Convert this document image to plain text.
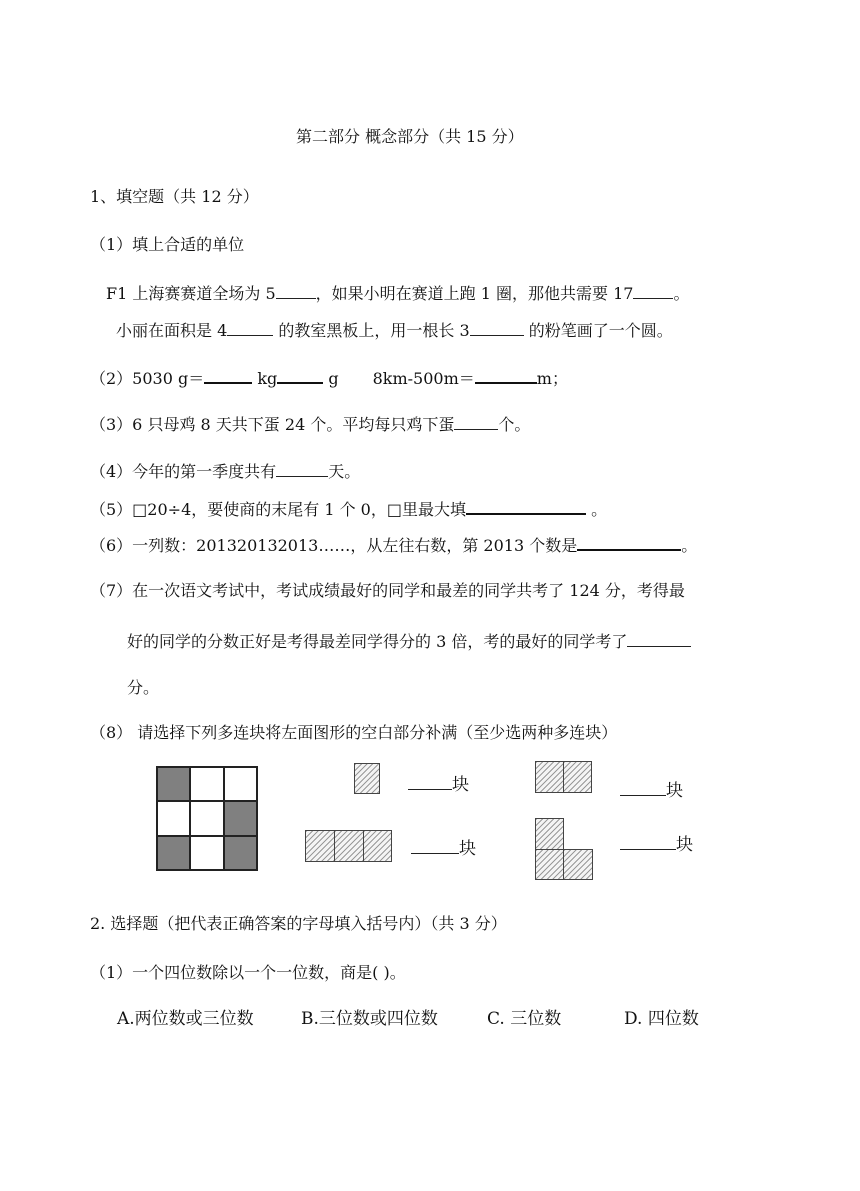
第二部分 概念部分（共 15 分）
1、填空题（共 12 分）
（1）填上合适的单位
F1 上海赛赛道全场为 5	，如果小明在赛道上跑 1 圈，那他共需要 17	。
小丽在面积是 4	的教室黑板上，用一根长 3	的粉笔画了一个圆。
（2）5030 g＝	kg	g 8km-500m＝	m；
（3）6 只母鸡 8 天共下蛋 24 个。平均每只鸡下蛋	个。
（4）今年的第一季度共有	天。
（5）□20÷4，要使商的末尾有 1 个 0，□里最大填	。
（6）一列数：201320132013……，从左往右数，第 2013 个数是	。
（7）在一次语文考试中，考试成绩最好的同学和最差的同学共考了 124 分，考得最
好的同学的分数正好是考得最差同学得分的 3 倍，考的最好的同学考了
分。
（8） 请选择下列多连块将左面图形的空白部分补满（至少选两种多连块）
块	块
块	块
2. 选择题（把代表正确答案的字母填入括号内）（共 3 分）
（1）一个四位数除以一个一位数，商是( )。
A.两位数或三位数	B.三位数或四位数	C. 三位数	D. 四位数
